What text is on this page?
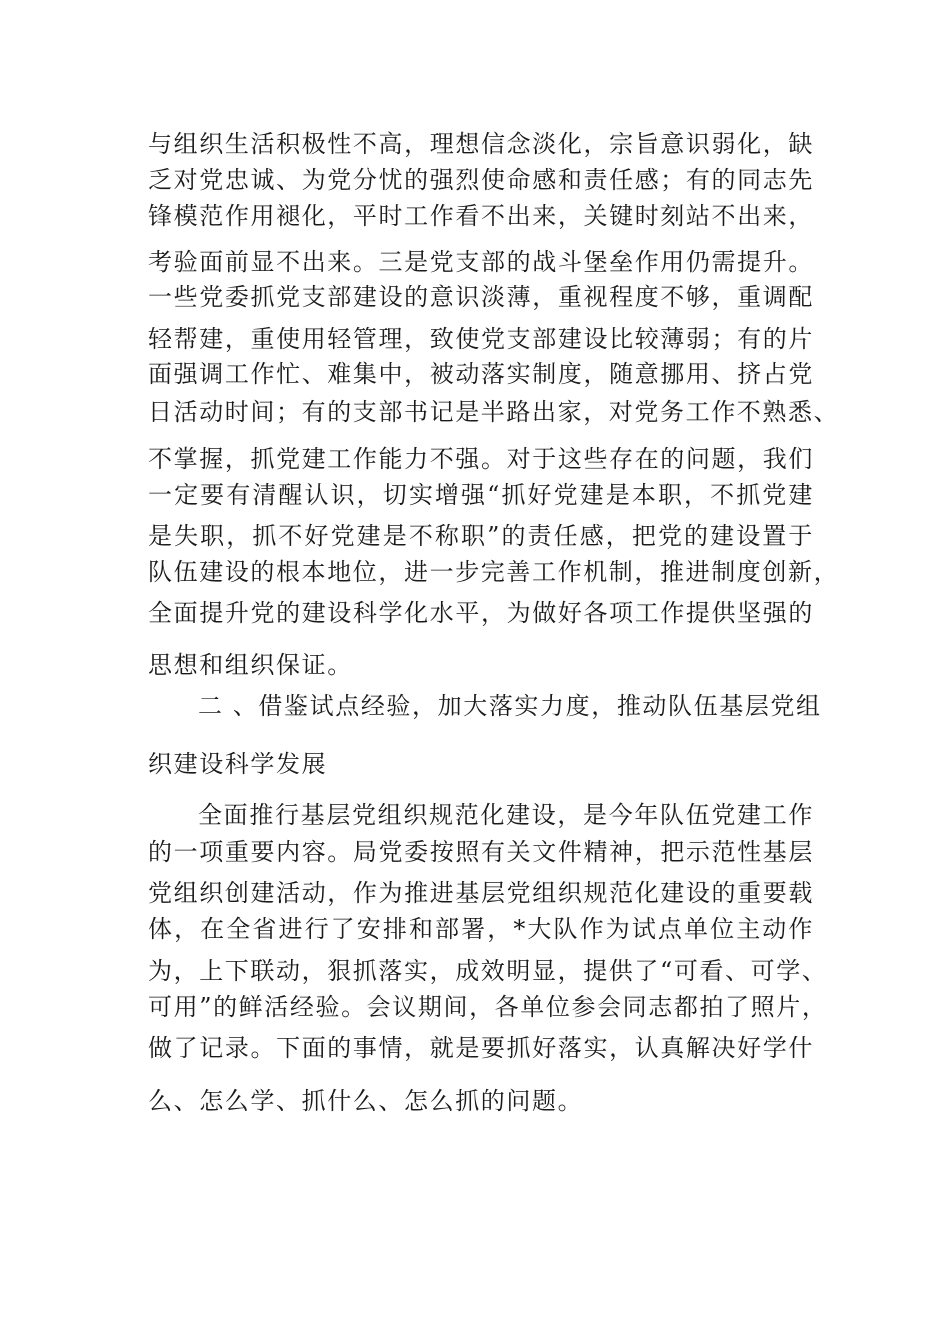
与组织生活积极性不高，理想信念淡化，宗旨意识弱化，缺
乏对党忠诚、为党分忧的强烈使命感和责任感；有的同志先
锋模范作用褪化，平时工作看不出来，关键时刻站不出来，
考验面前显不出来。三是党支部的战斗堡垒作用仍需提升。
一些党委抓党支部建设的意识淡薄，重视程度不够，重调配
轻帮建，重使用轻管理，致使党支部建设比较薄弱；有的片
面强调工作忙、难集中，被动落实制度，随意挪用、挤占党
日活动时间；有的支部书记是半路出家，对党务工作不熟悉、
不掌握，抓党建工作能力不强。对于这些存在的问题，我们
一定要有清醒认识，切实增强“抓好党建是本职，不抓党建
是失职，抓不好党建是不称职”的责任感，把党的建设置于
队伍建设的根本地位，进一步完善工作机制，推进制度创新，
全面提升党的建设科学化水平，为做好各项工作提供坚强的
思想和组织保证。
二 、借鉴试点经验，加大落实力度，推动队伍基层党组
织建设科学发展
全面推行基层党组织规范化建设，是今年队伍党建工作
的一项重要内容。局党委按照有关文件精神，把示范性基层
党组织创建活动，作为推进基层党组织规范化建设的重要载
体，在全省进行了安排和部署，*大队作为试点单位主动作
为，上下联动，狠抓落实，成效明显，提供了“可看、可学、
可用”的鲜活经验。会议期间，各单位参会同志都拍了照片，
做了记录。下面的事情，就是要抓好落实，认真解决好学什
么、怎么学、抓什么、怎么抓的问题。
